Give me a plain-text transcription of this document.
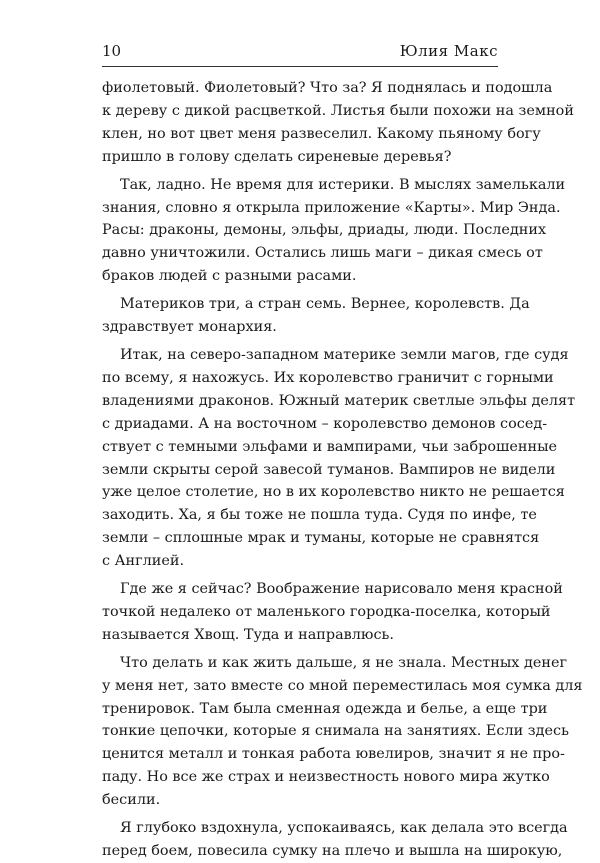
10	Юлия Макс

фиолетовый. Фиолетовый? Что за? Я поднялась и подошла
к дереву с дикой расцветкой. Листья были похожи на земной
клен, но вот цвет меня развеселил. Какому пьяному богу
пришло в голову сделать сиреневые деревья?

Так, ладно. Не время для истерики. В мыслях замелькали
знания, словно я открыла приложение «Карты». Мир Энда.
Расы: драконы, демоны, эльфы, дриады, люди. Последних
давно уничтожили. Остались лишь маги – дикая смесь от
браков людей с разными расами.

Материков три, а стран семь. Вернее, королевств. Да
здравствует монархия.

Итак, на северо-западном материке земли магов, где судя
по всему, я нахожусь. Их королевство граничит с горными
владениями драконов. Южный материк светлые эльфы делят
с дриадами. А на восточном – королевство демонов сосед-
ствует с темными эльфами и вампирами, чьи заброшенные
земли скрыты серой завесой туманов. Вампиров не видели
уже целое столетие, но в их королевство никто не решается
заходить. Ха, я бы тоже не пошла туда. Судя по инфе, те
земли – сплошные мрак и туманы, которые не сравнятся
с Англией.

Где же я сейчас? Воображение нарисовало меня красной
точкой недалеко от маленького городка-поселка, который
называется Хвощ. Туда и направлюсь.

Что делать и как жить дальше, я не знала. Местных денег
у меня нет, зато вместе со мной переместилась моя сумка для
тренировок. Там была сменная одежда и белье, а еще три
тонкие цепочки, которые я снимала на занятиях. Если здесь
ценится металл и тонкая работа ювелиров, значит я не про-
паду. Но все же страх и неизвестность нового мира жутко
бесили.

Я глубоко вздохнула, успокаиваясь, как делала это всегда
перед боем, повесила сумку на плечо и вышла на широкую,
